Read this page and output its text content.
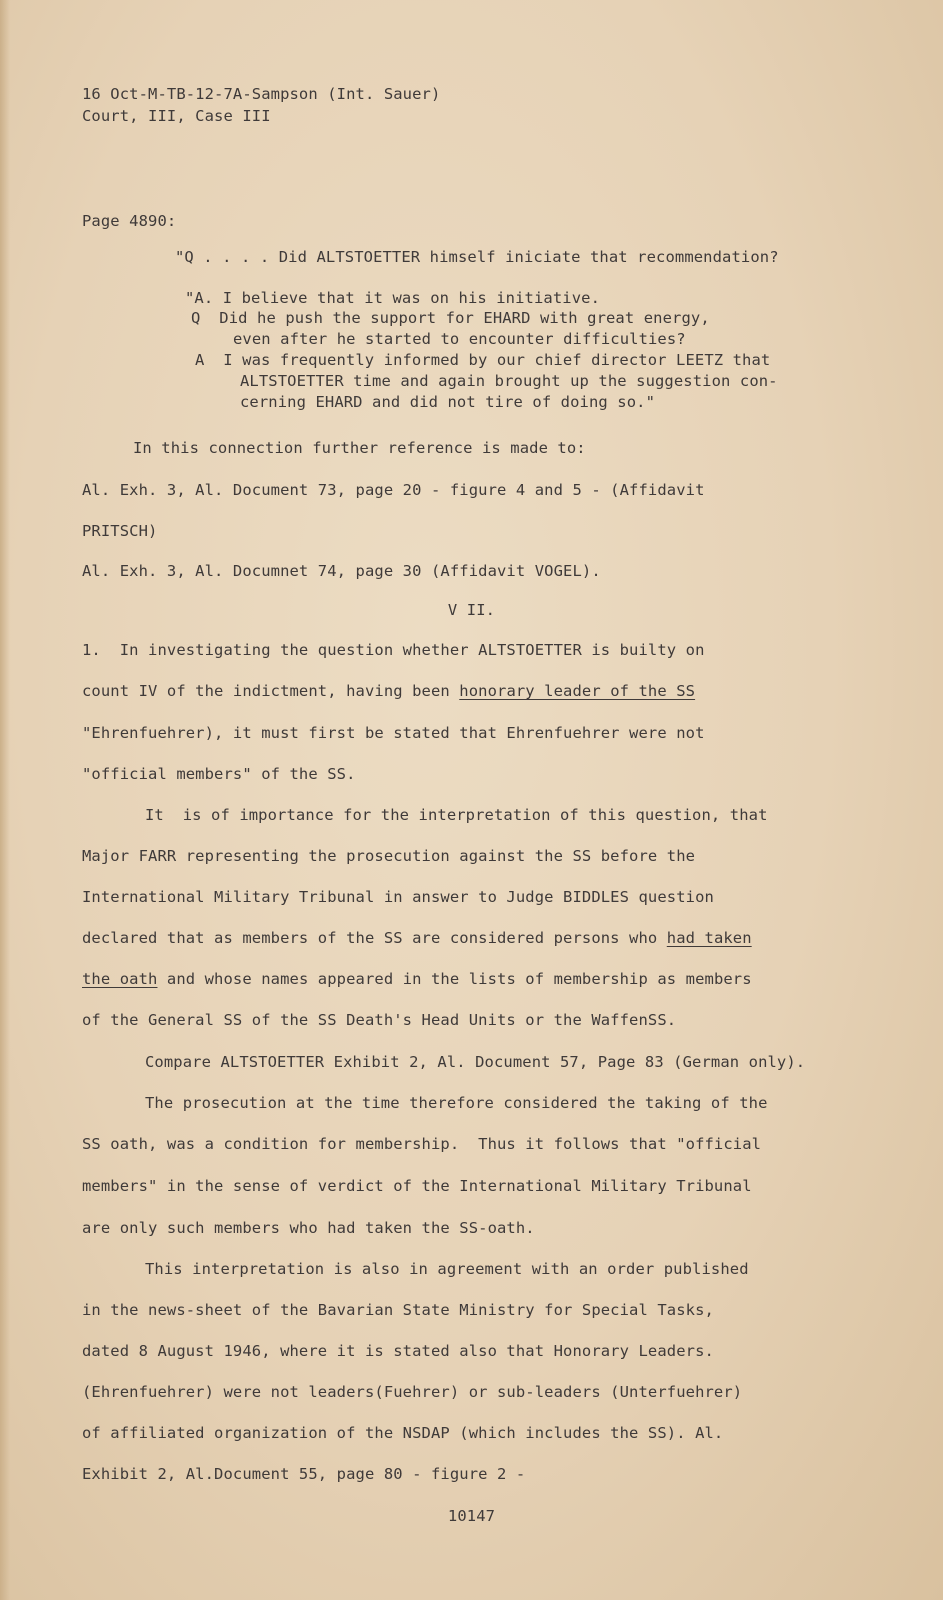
16 Oct-M-TB-12-7A-Sampson (Int. Sauer)
Court, III, Case III
Page 4890:
"Q . . . . Did ALTSTOETTER himself iniciate that recommendation?
"A. I believe that it was on his initiative.
Q  Did he push the support for EHARD with great energy,
even after he started to encounter difficulties?
A  I was frequently informed by our chief director LEETZ that
ALTSTOETTER time and again brought up the suggestion con-
cerning EHARD and did not tire of doing so."
In this connection further reference is made to:
Al. Exh. 3, Al. Document 73, page 20 - figure 4 and 5 - (Affidavit
PRITSCH)
Al. Exh. 3, Al. Documnet 74, page 30 (Affidavit VOGEL).
V II.
1.  In investigating the question whether ALTSTOETTER is builty on
count IV of the indictment, having been honorary leader of the SS
"Ehrenfuehrer), it must first be stated that Ehrenfuehrer were not
"official members" of the SS.
It  is of importance for the interpretation of this question, that
Major FARR representing the prosecution against the SS before the
International Military Tribunal in answer to Judge BIDDLES question
declared that as members of the SS are considered persons who had taken
the oath and whose names appeared in the lists of membership as members
of the General SS of the SS Death's Head Units or the WaffenSS.
Compare ALTSTOETTER Exhibit 2, Al. Document 57, Page 83 (German only).
The prosecution at the time therefore considered the taking of the
SS oath, was a condition for membership.  Thus it follows that "official
members" in the sense of verdict of the International Military Tribunal
are only such members who had taken the SS-oath.
This interpretation is also in agreement with an order published
in the news-sheet of the Bavarian State Ministry for Special Tasks,
dated 8 August 1946, where it is stated also that Honorary Leaders.
(Ehrenfuehrer) were not leaders(Fuehrer) or sub-leaders (Unterfuehrer)
of affiliated organization of the NSDAP (which includes the SS). Al.
Exhibit 2, Al.Document 55, page 80 - figure 2 -
10147
